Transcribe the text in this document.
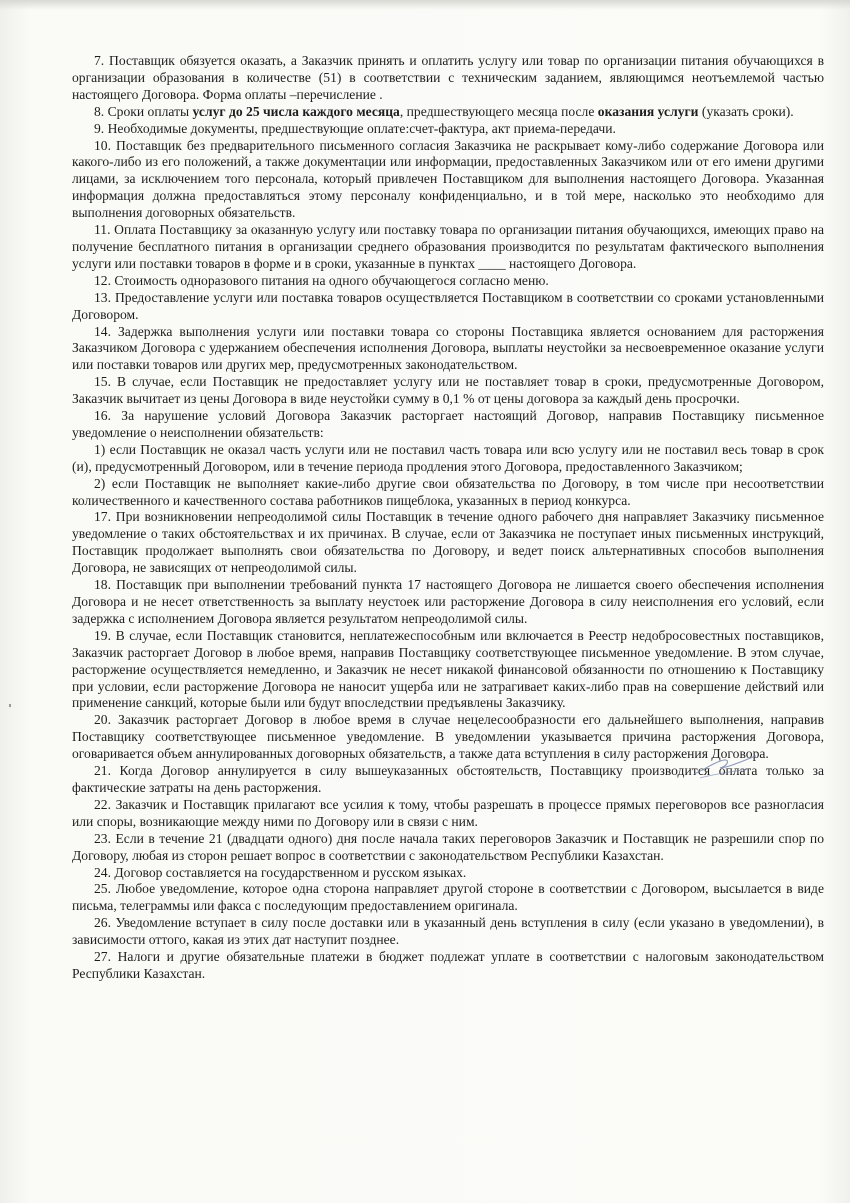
7. Поставщик обязуется оказать, а Заказчик принять и оплатить услугу или товар по организации питания обучающихся в организации образования в количестве (51) в соответствии с техническим заданием, являющимся неотъемлемой частью настоящего Договора. Форма оплаты –перечисление .

8. Сроки оплаты услуг до 25 числа каждого месяца, предшествующего месяца после оказания услуги (указать сроки).

9. Необходимые документы, предшествующие оплате:счет-фактура, акт приема-передачи.

10. Поставщик без предварительного письменного согласия Заказчика не раскрывает кому-либо содержание Договора или какого-либо из его положений, а также документации или информации, предоставленных Заказчиком или от его имени другими лицами, за исключением того персонала, который привлечен Поставщиком для выполнения настоящего Договора. Указанная информация должна предоставляться этому персоналу конфиденциально, и в той мере, насколько это необходимо для выполнения договорных обязательств.

11. Оплата Поставщику за оказанную услугу или поставку товара по организации питания обучающихся, имеющих право на получение бесплатного питания в организации среднего образования производится по результатам фактического выполнения услуги или поставки товаров в форме и в сроки, указанные в пунктах ____ настоящего Договора.

12. Стоимость одноразового питания на одного обучающегося согласно меню.

13. Предоставление услуги или поставка товаров осуществляется Поставщиком в соответствии со сроками установленными Договором.

14. Задержка выполнения услуги или поставки товара со стороны Поставщика является основанием для расторжения Заказчиком Договора с удержанием обеспечения исполнения Договора, выплаты неустойки за несвоевременное оказание услуги или поставки товаров или других мер, предусмотренных законодательством.

15. В случае, если Поставщик не предоставляет услугу или не поставляет товар в сроки, предусмотренные Договором, Заказчик вычитает из цены Договора в виде неустойки сумму в 0,1 % от цены договора за каждый день просрочки.

16. За нарушение условий Договора Заказчик расторгает настоящий Договор, направив Поставщику письменное уведомление о неисполнении обязательств:

1) если Поставщик не оказал часть услуги или не поставил часть товара или всю услугу или не поставил весь товар в срок (и), предусмотренный Договором, или в течение периода продления этого Договора, предоставленного Заказчиком;

2) если Поставщик не выполняет какие-либо другие свои обязательства по Договору, в том числе при несоответствии количественного и качественного состава работников пищеблока, указанных в период конкурса.

17. При возникновении непреодолимой силы Поставщик в течение одного рабочего дня направляет Заказчику письменное уведомление о таких обстоятельствах и их причинах. В случае, если от Заказчика не поступает иных письменных инструкций, Поставщик продолжает выполнять свои обязательства по Договору, и ведет поиск альтернативных способов выполнения Договора, не зависящих от непреодолимой силы.

18. Поставщик при выполнении требований пункта 17 настоящего Договора не лишается своего обеспечения исполнения Договора и не несет ответственность за выплату неустоек или расторжение Договора в силу неисполнения его условий, если задержка с исполнением Договора является результатом непреодолимой силы.

19. В случае, если Поставщик становится, неплатежеспособным или включается в Реестр недобросовестных поставщиков, Заказчик расторгает Договор в любое время, направив Поставщику соответствующее письменное уведомление. В этом случае, расторжение осуществляется немедленно, и Заказчик не несет никакой финансовой обязанности по отношению к Поставщику при условии, если расторжение Договора не наносит ущерба или не затрагивает каких-либо прав на совершение действий или применение санкций, которые были или будут впоследствии предъявлены Заказчику.

20. Заказчик расторгает Договор в любое время в случае нецелесообразности его дальнейшего выполнения, направив Поставщику соответствующее письменное уведомление. В уведомлении указывается причина расторжения Договора, оговаривается объем аннулированных договорных обязательств, а также дата вступления в силу расторжения Договора.

21. Когда Договор аннулируется в силу вышеуказанных обстоятельств, Поставщику производится оплата только за фактические затраты на день расторжения.

22. Заказчик и Поставщик прилагают все усилия к тому, чтобы разрешать в процессе прямых переговоров все разногласия или споры, возникающие между ними по Договору или в связи с ним.

23. Если в течение 21 (двадцати одного) дня после начала таких переговоров Заказчик и Поставщик не разрешили спор по Договору, любая из сторон решает вопрос в соответствии с законодательством Республики Казахстан.

24. Договор составляется на государственном и русском языках.

25. Любое уведомление, которое одна сторона направляет другой стороне в соответствии с Договором, высылается в виде письма, телеграммы или факса с последующим предоставлением оригинала.

26. Уведомление вступает в силу после доставки или в указанный день вступления в силу (если указано в уведомлении), в зависимости оттого, какая из этих дат наступит позднее.

27. Налоги и другие обязательные платежи в бюджет подлежат уплате в соответствии с налоговым законодательством Республики Казахстан.
